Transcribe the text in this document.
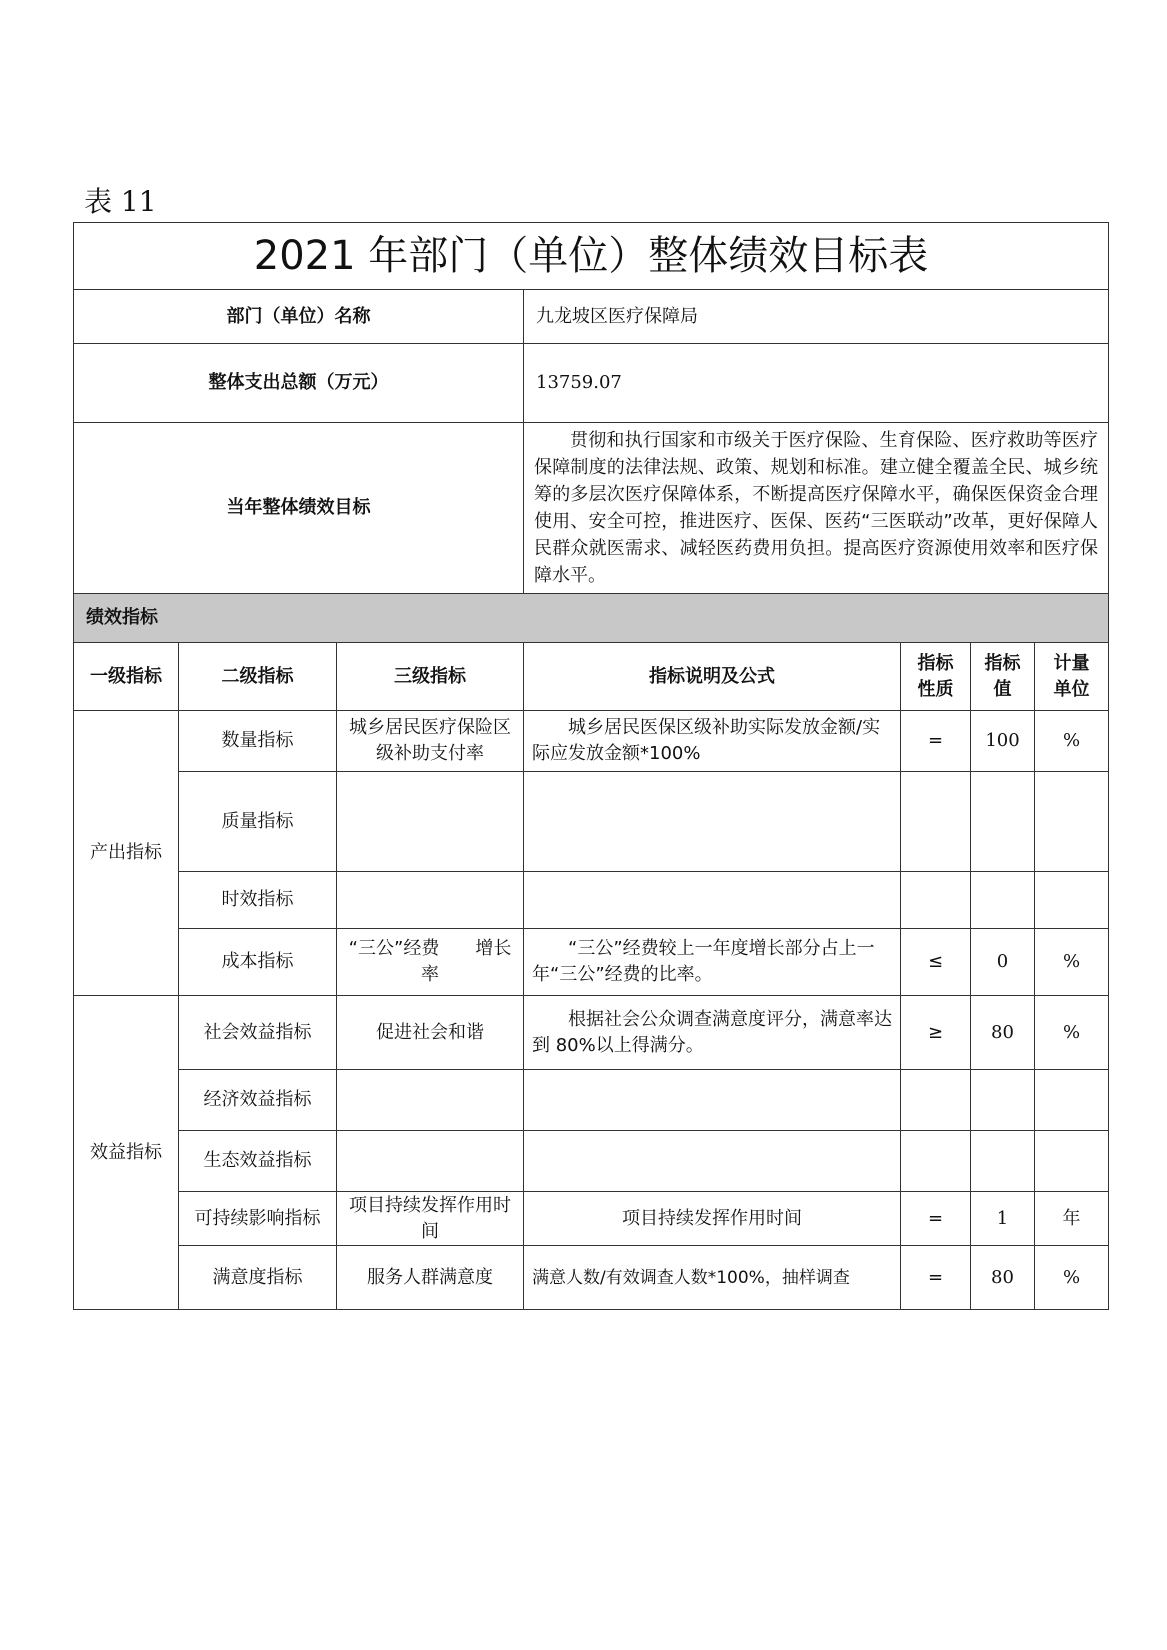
表 11
2021 年部门（单位）整体绩效目标表						
部门（单位）名称			九龙坡区医疗保障局			
整体支出总额（万元）			13759.07			
当年整体绩效目标			贯彻和执行国家和市级关于医疗保险、生育保险、医疗救助等医疗保障制度的法律法规、政策、规划和标准。建立健全覆盖全民、城乡统筹的多层次医疗保障体系，不断提高医疗保障水平，确保医保资金合理使用、安全可控，推进医疗、医保、医药“三医联动”改革，更好保障人民群众就医需求、减轻医药费用负担。提高医疗资源使用效率和医疗保障水平。			

绩效指标						
一级指标	二级指标	三级指标	指标说明及公式	指标性质	指标值	计量单位
产出指标	数量指标	城乡居民医疗保险区级补助支付率	城乡居民医保区级补助实际发放金额/实际应发放金额*100%	=	100	%
	质量指标					
	时效指标					
	成本指标	“三公”经费　　增长率	“三公”经费较上一年度增长部分占上一年“三公”经费的比率。	≤	0	%
效益指标	社会效益指标	促进社会和谐	根据社会公众调查满意度评分，满意率达到 80%以上得满分。	≥	80	%
	经济效益指标					
	生态效益指标					
	可持续影响指标	项目持续发挥作用时间	项目持续发挥作用时间	=	1	年
	满意度指标	服务人群满意度	满意人数/有效调查人数*100%，抽样调查	=	80	%
